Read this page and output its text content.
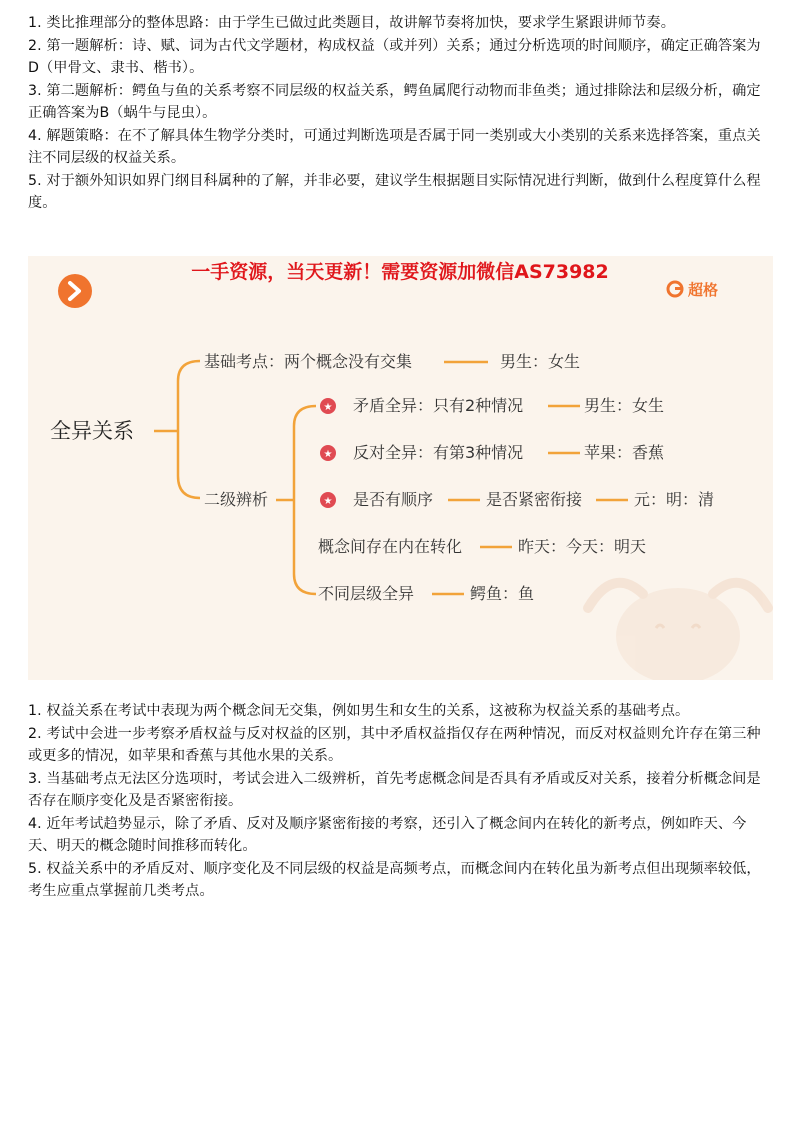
1. 类比推理部分的整体思路：由于学生已做过此类题目，故讲解节奏将加快，要求学生紧跟讲师节奏。

2. 第一题解析：诗、赋、词为古代文学题材，构成权益（或并列）关系；通过分析选项的时间顺序，确定正确答案为D（甲骨文、隶书、楷书）。

3. 第二题解析：鳄鱼与鱼的关系考察不同层级的权益关系，鳄鱼属爬行动物而非鱼类；通过排除法和层级分析，确定正确答案为B（蜗牛与昆虫）。

4. 解题策略：在不了解具体生物学分类时，可通过判断选项是否属于同一类别或大小类别的关系来选择答案，重点关注不同层级的权益关系。

5. 对于额外知识如界门纲目科属种的了解，并非必要，建议学生根据题目实际情况进行判断，做到什么程度算什么程度。

一手资源，当天更新！需要资源加微信AS73982
超格
全异关系
基础考点：两个概念没有交集	男生：女生
二级辨析
★ 矛盾全异：只有2种情况	男生：女生
★ 反对全异：有第3种情况	苹果：香蕉
★ 是否有顺序	是否紧密衔接	元：明：清
概念间存在内在转化	昨天：今天：明天
不同层级全异	鳄鱼：鱼

1. 权益关系在考试中表现为两个概念间无交集，例如男生和女生的关系，这被称为权益关系的基础考点。

2. 考试中会进一步考察矛盾权益与反对权益的区别，其中矛盾权益指仅存在两种情况，而反对权益则允许存在第三种或更多的情况，如苹果和香蕉与其他水果的关系。

3. 当基础考点无法区分选项时，考试会进入二级辨析，首先考虑概念间是否具有矛盾或反对关系，接着分析概念间是否存在顺序变化及是否紧密衔接。

4. 近年考试趋势显示，除了矛盾、反对及顺序紧密衔接的考察，还引入了概念间内在转化的新考点，例如昨天、今天、明天的概念随时间推移而转化。

5. 权益关系中的矛盾反对、顺序变化及不同层级的权益是高频考点，而概念间内在转化虽为新考点但出现频率较低，考生应重点掌握前几类考点。
